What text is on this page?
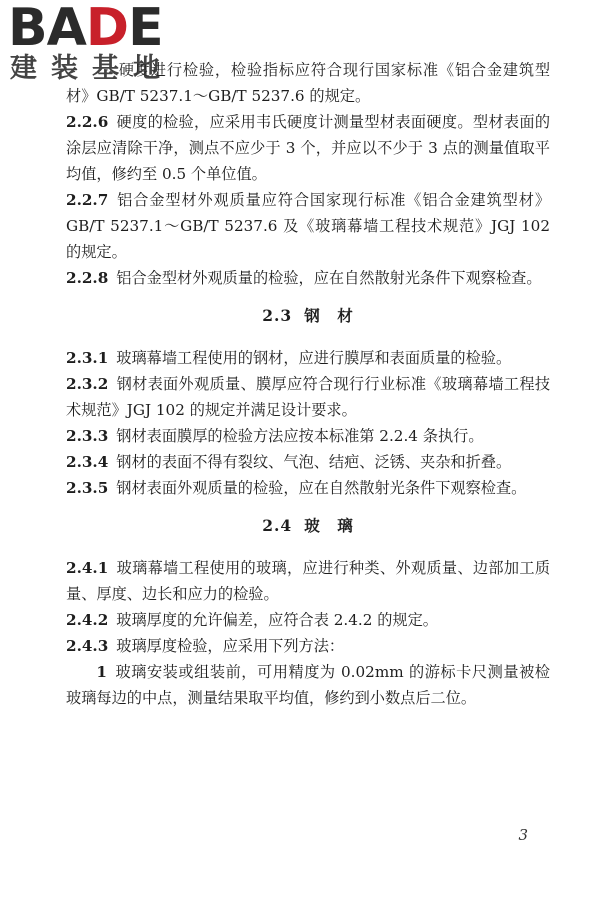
BADE
建装基地

硬度进行检验，检验指标应符合现行国家标准《铝合金建筑型材》GB/T 5237.1～GB/T 5237.6 的规定。

2.2.6 硬度的检验，应采用韦氏硬度计测量型材表面硬度。型材表面的涂层应清除干净，测点不应少于 3 个，并应以不少于 3 点的测量值取平均值，修约至 0.5 个单位值。

2.2.7 铝合金型材外观质量应符合国家现行标准《铝合金建筑型材》GB/T 5237.1～GB/T 5237.6 及《玻璃幕墙工程技术规范》JGJ 102 的规定。

2.2.8 铝合金型材外观质量的检验，应在自然散射光条件下观察检查。

2.3 钢　材

2.3.1 玻璃幕墙工程使用的钢材，应进行膜厚和表面质量的检验。

2.3.2 钢材表面外观质量、膜厚应符合现行行业标准《玻璃幕墙工程技术规范》JGJ 102 的规定并满足设计要求。

2.3.3 钢材表面膜厚的检验方法应按本标准第 2.2.4 条执行。

2.3.4 钢材的表面不得有裂纹、气泡、结疤、泛锈、夹杂和折叠。

2.3.5 钢材表面外观质量的检验，应在自然散射光条件下观察检查。

2.4 玻　璃

2.4.1 玻璃幕墙工程使用的玻璃，应进行种类、外观质量、边部加工质量、厚度、边长和应力的检验。

2.4.2 玻璃厚度的允许偏差，应符合表 2.4.2 的规定。

2.4.3 玻璃厚度检验，应采用下列方法：

1 玻璃安装或组装前，可用精度为 0.02mm 的游标卡尺测量被检玻璃每边的中点，测量结果取平均值，修约到小数点后二位。

3
